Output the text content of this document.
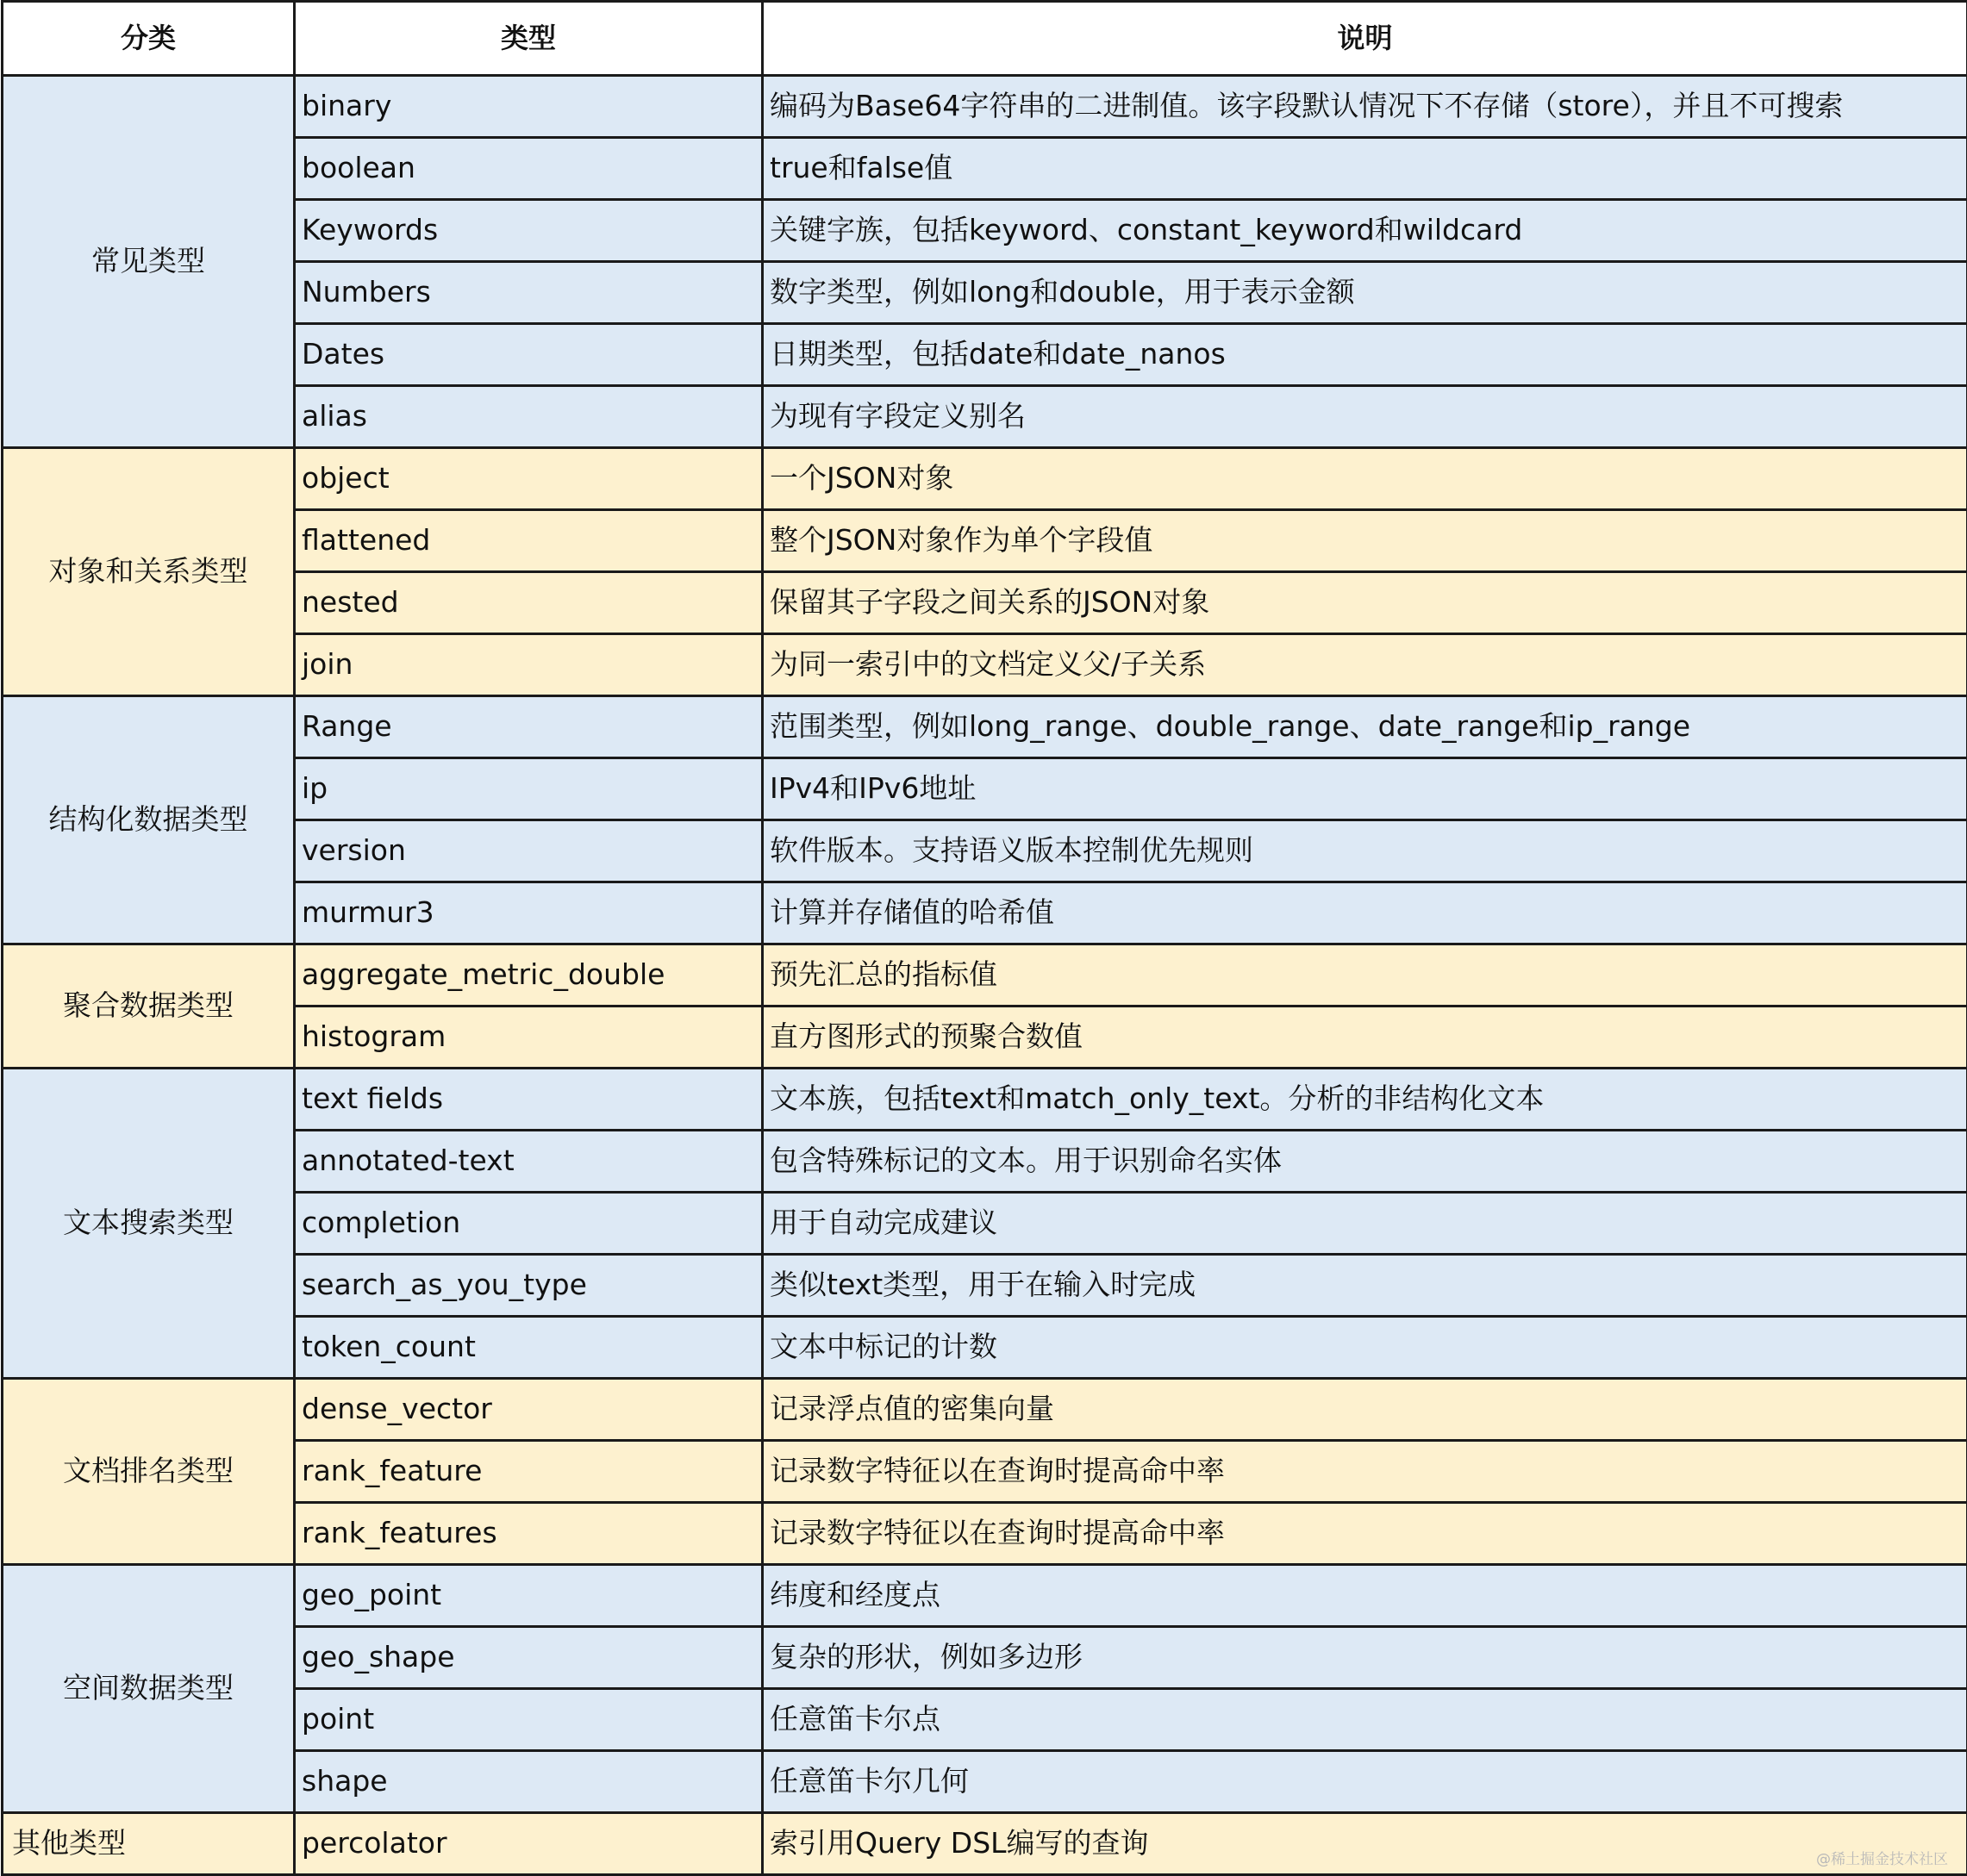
分类	类型	说明
常见类型	binary	编码为Base64字符串的二进制值。该字段默认情况下不存储（store），并且不可搜索
	boolean	true和false值
	Keywords	关键字族，包括keyword、constant_keyword和wildcard
	Numbers	数字类型，例如long和double，用于表示金额
	Dates	日期类型，包括date和date_nanos
	alias	为现有字段定义别名
对象和关系类型	object	一个JSON对象
	flattened	整个JSON对象作为单个字段值
	nested	保留其子字段之间关系的JSON对象
	join	为同一索引中的文档定义父/子关系
结构化数据类型	Range	范围类型，例如long_range、double_range、date_range和ip_range
	ip	IPv4和IPv6地址
	version	软件版本。支持语义版本控制优先规则
	murmur3	计算并存储值的哈希值
聚合数据类型	aggregate_metric_double	预先汇总的指标值
	histogram	直方图形式的预聚合数值
文本搜索类型	text fields	文本族，包括text和match_only_text。分析的非结构化文本
	annotated-text	包含特殊标记的文本。用于识别命名实体
	completion	用于自动完成建议
	search_as_you_type	类似text类型，用于在输入时完成
	token_count	文本中标记的计数
文档排名类型	dense_vector	记录浮点值的密集向量
	rank_feature	记录数字特征以在查询时提高命中率
	rank_features	记录数字特征以在查询时提高命中率
空间数据类型	geo_point	纬度和经度点
	geo_shape	复杂的形状，例如多边形
	point	任意笛卡尔点
	shape	任意笛卡尔几何
其他类型	percolator	索引用Query DSL编写的查询
@稀土掘金技术社区
